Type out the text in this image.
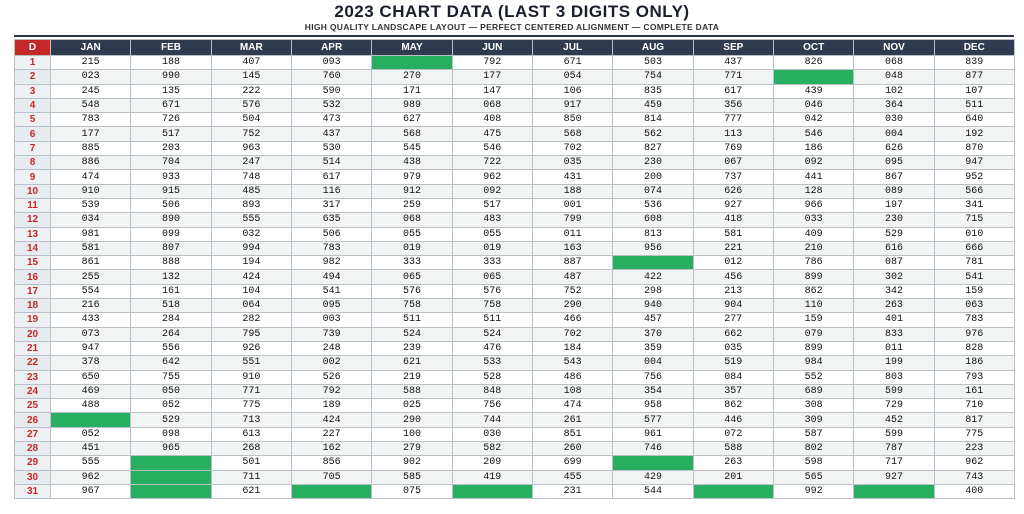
2023 CHART DATA (LAST 3 DIGITS ONLY)
HIGH QUALITY LANDSCAPE LAYOUT — PERFECT CENTERED ALIGNMENT — COMPLETE DATA
D	JAN	FEB	MAR	APR	MAY	JUN	JUL	AUG	SEP	OCT	NOV	DEC
1	215	188	407	093		792	671	503	437	826	068	839
2	023	990	145	760	270	177	054	754	771		048	877
3	245	135	222	590	171	147	106	835	617	439	102	107
4	548	671	576	532	989	068	917	459	356	046	364	511
5	783	726	504	473	627	408	850	814	777	042	030	640
6	177	517	752	437	568	475	568	562	113	546	004	192
7	885	203	963	530	545	546	702	827	769	186	626	870
8	886	704	247	514	438	722	035	230	067	092	095	947
9	474	933	748	617	979	962	431	200	737	441	867	952
10	910	915	485	116	912	092	188	074	626	128	089	566
11	539	506	893	317	259	517	001	536	927	966	197	341
12	034	890	555	635	068	483	799	608	418	033	230	715
13	981	099	032	506	055	055	011	813	581	409	529	010
14	581	807	994	783	019	019	163	956	221	210	616	666
15	861	888	194	982	333	333	887		012	786	087	781
16	255	132	424	494	065	065	487	422	456	899	302	541
17	554	161	104	541	576	576	752	298	213	862	342	159
18	216	518	064	095	758	758	290	940	904	110	263	063
19	433	284	282	003	511	511	466	457	277	159	401	783
20	073	264	795	739	524	524	702	370	662	079	833	976
21	947	556	926	248	239	476	184	359	035	899	011	828
22	378	642	551	002	621	533	543	004	519	984	199	186
23	650	755	910	526	219	528	486	756	084	552	803	793
24	469	050	771	792	588	848	108	354	357	689	599	161
25	488	052	775	189	025	756	474	958	862	308	729	710
26		529	713	424	290	744	261	577	446	309	452	817
27	052	098	613	227	100	030	851	961	072	587	599	775
28	451	965	268	162	279	582	260	746	588	802	787	223
29	555		501	856	902	209	699		263	598	717	962
30	962		711	705	585	419	455	429	201	565	927	743
31	967		621		075		231	544		992		400
